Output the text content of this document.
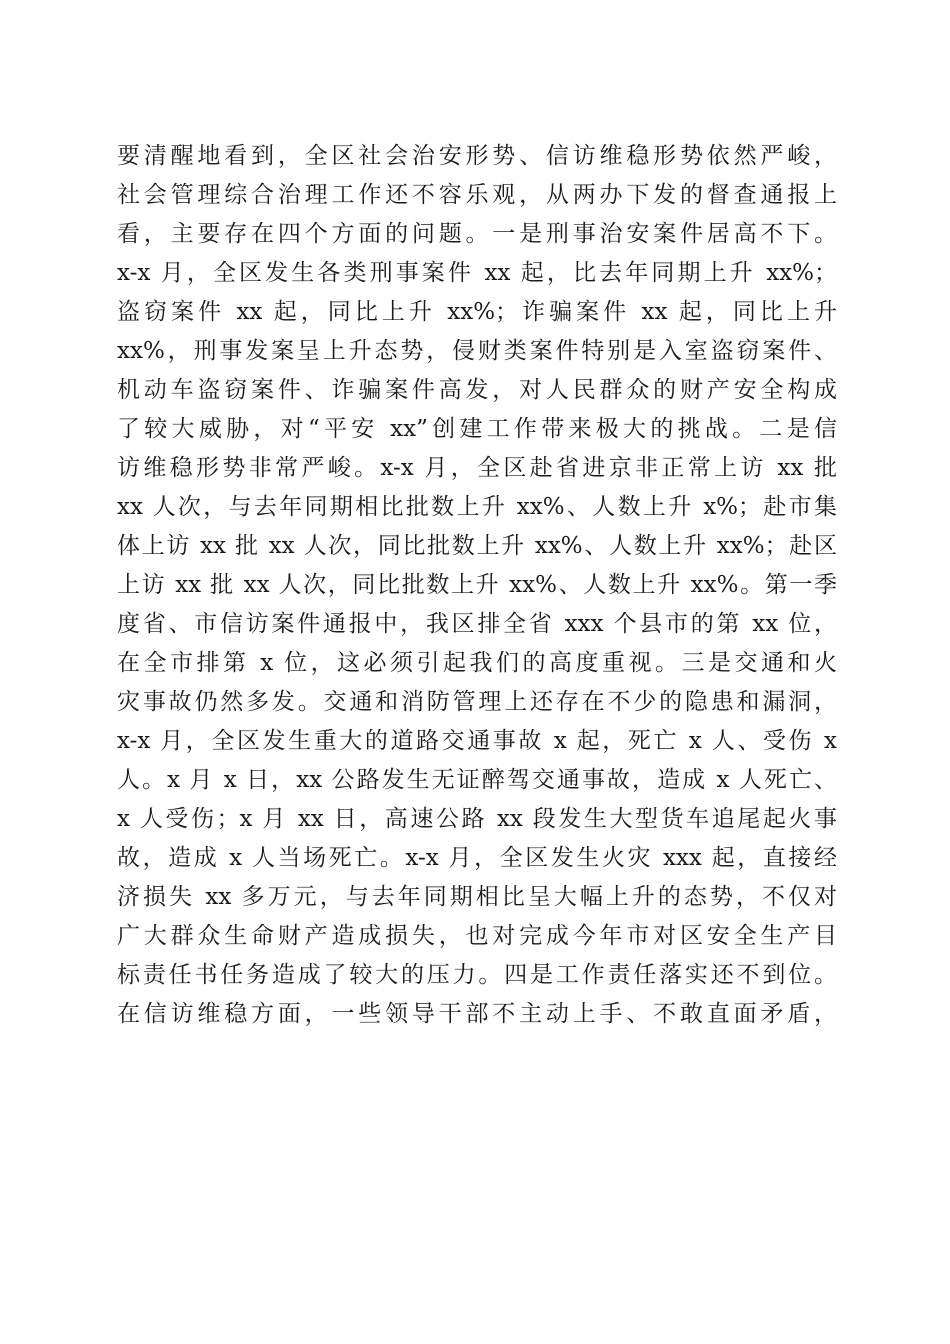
要清醒地看到，全区社会治安形势、信访维稳形势依然严峻，
社会管理综合治理工作还不容乐观，从两办下发的督查通报上
看，主要存在四个方面的问题。一是刑事治安案件居高不下。
x-x 月，全区发生各类刑事案件 xx 起，比去年同期上升 xx%；
盗窃案件 xx 起，同比上升 xx%；诈骗案件 xx 起，同比上升
xx%，刑事发案呈上升态势，侵财类案件特别是入室盗窃案件、
机动车盗窃案件、诈骗案件高发，对人民群众的财产安全构成
了较大威胁，对“平安 xx”创建工作带来极大的挑战。二是信
访维稳形势非常严峻。x-x 月，全区赴省进京非正常上访 xx 批
xx 人次，与去年同期相比批数上升 xx%、人数上升 x%；赴市集
体上访 xx 批 xx 人次，同比批数上升 xx%、人数上升 xx%；赴区
上访 xx 批 xx 人次，同比批数上升 xx%、人数上升 xx%。第一季
度省、市信访案件通报中，我区排全省 xxx 个县市的第 xx 位，
在全市排第 x 位，这必须引起我们的高度重视。三是交通和火
灾事故仍然多发。交通和消防管理上还存在不少的隐患和漏洞，
x-x 月，全区发生重大的道路交通事故 x 起，死亡 x 人、受伤 x
人。x 月 x 日，xx 公路发生无证醉驾交通事故，造成 x 人死亡、
x 人受伤；x 月 xx 日，高速公路 xx 段发生大型货车追尾起火事
故，造成 x 人当场死亡。x-x 月，全区发生火灾 xxx 起，直接经
济损失 xx 多万元，与去年同期相比呈大幅上升的态势，不仅对
广大群众生命财产造成损失，也对完成今年市对区安全生产目
标责任书任务造成了较大的压力。四是工作责任落实还不到位。
在信访维稳方面，一些领导干部不主动上手、不敢直面矛盾，
